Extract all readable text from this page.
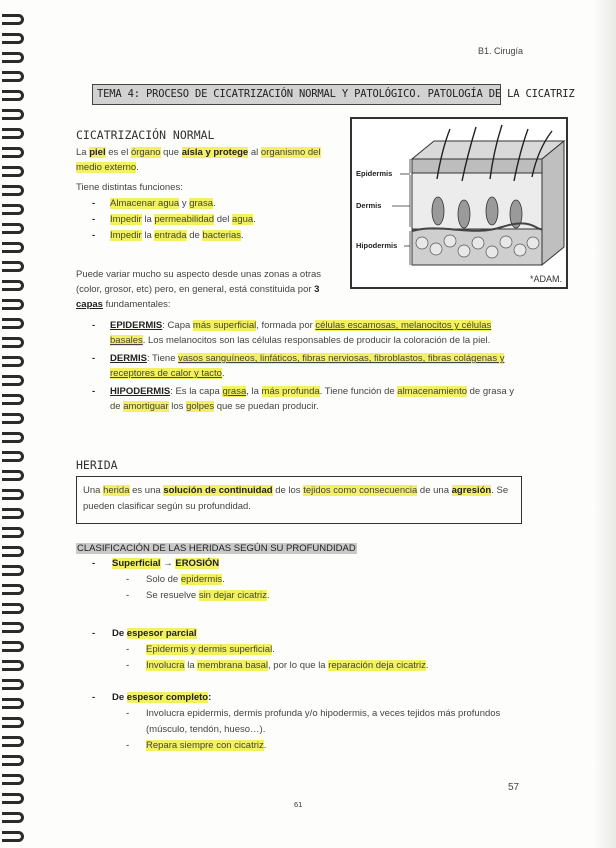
B1. Cirugía
TEMA 4: PROCESO DE CICATRIZACIÓN NORMAL Y PATOLÓGICO. PATOLOGÍA DE LA CICATRIZ
CICATRIZACIÓN NORMAL
La piel es el órgano que aísla y protege al organismo del medio externo.
Tiene distintas funciones:
- Almacenar agua y grasa.
- Impedir la permeabilidad del agua.
- Impedir la entrada de bacterias.
Epidermis
Dermis
Hipodermis
*ADAM.
Puede variar mucho su aspecto desde unas zonas a otras (color, grosor, etc) pero, en general, está constituida por 3 capas fundamentales:
- EPIDERMIS: Capa más superficial, formada por células escamosas, melanocitos y células basales. Los melanocitos son las células responsables de producir la coloración de la piel.
- DERMIS: Tiene vasos sanguíneos, linfáticos, fibras nerviosas, fibroblastos, fibras colágenas y receptores de calor y tacto.
- HIPODERMIS: Es la capa grasa, la más profunda. Tiene función de almacenamiento de grasa y de amortiguar los golpes que se puedan producir.
HERIDA
Una herida es una solución de continuidad de los tejidos como consecuencia de una agresión. Se pueden clasificar según su profundidad.
CLASIFICACIÓN DE LAS HERIDAS SEGÚN SU PROFUNDIDAD
- Superficial → EROSIÓN
- Solo de epidermis.
- Se resuelve sin dejar cicatriz.
- De espesor parcial
- Epidermis y dermis superficial.
- Involucra la membrana basal, por lo que la reparación deja cicatriz.
- De espesor completo:
- Involucra epidermis, dermis profunda y/o hipodermis, a veces tejidos más profundos (músculo, tendón, hueso…).
- Repara siempre con cicatriz.
57
61
